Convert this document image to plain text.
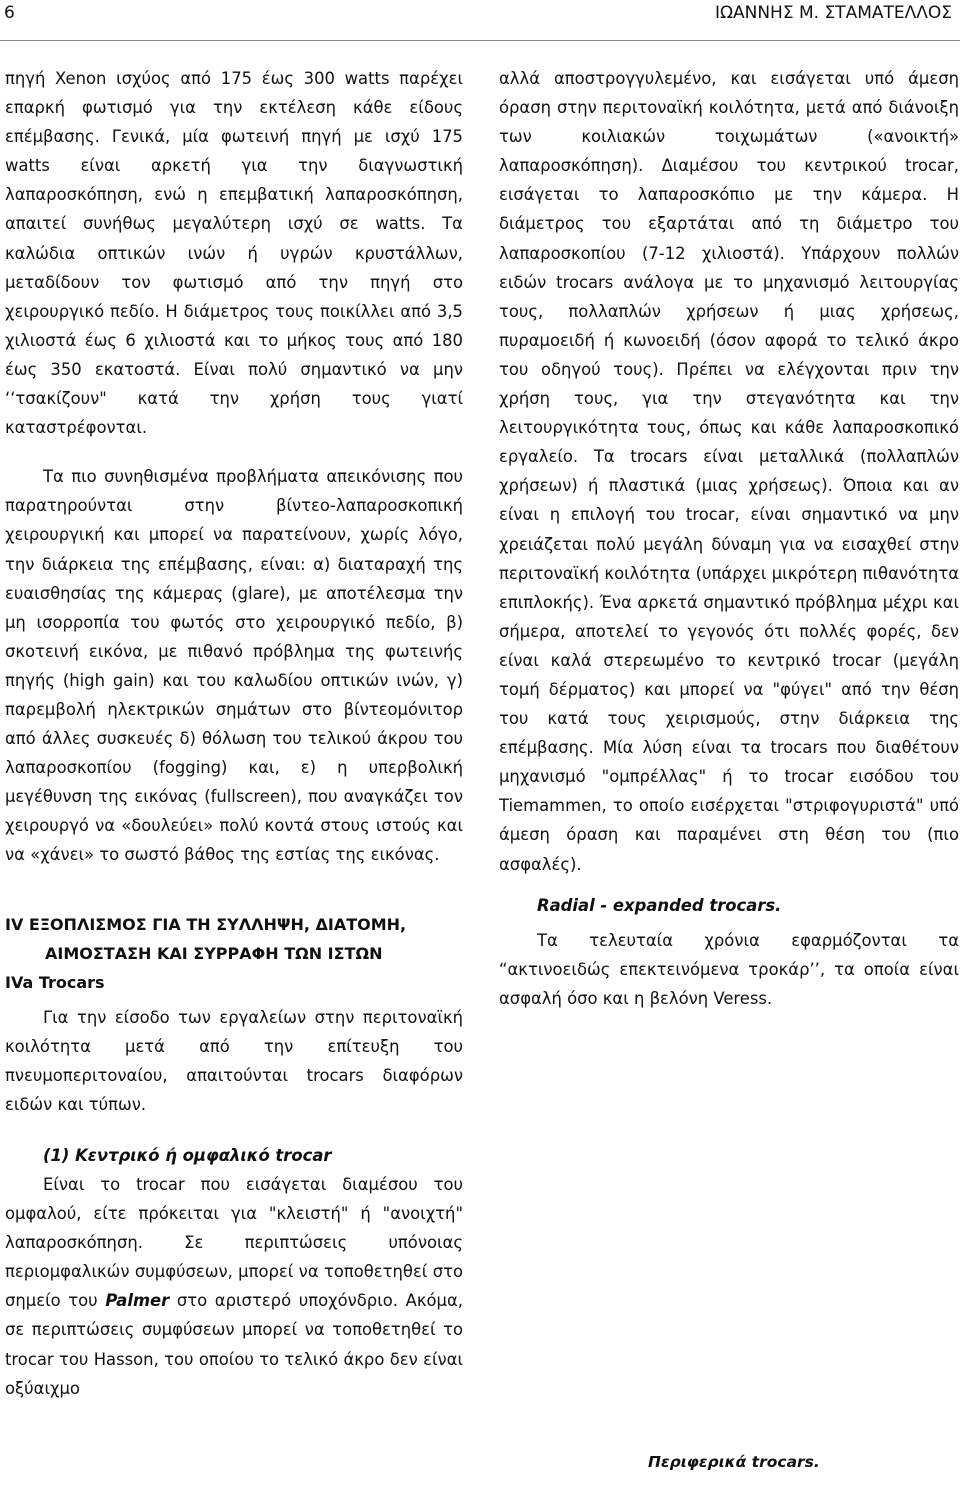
6	ΙΩΑΝΝΗΣ Μ. ΣΤΑΜΑΤΕΛΛΟΣ

πηγή Xenon ισχύος από 175 έως 300 watts παρέχει επαρκή φωτισμό για την εκτέλεση κάθε είδους επέμβασης. Γενικά, μία φωτεινή πηγή με ισχύ 175 watts είναι αρκετή για την διαγνωστική λαπαροσκόπηση, ενώ η επεμβατική λαπαροσκόπηση, απαιτεί συνήθως μεγαλύτερη ισχύ σε watts. Τα καλώδια οπτικών ινών ή υγρών κρυστάλλων, μεταδίδουν τον φωτισμό από την πηγή στο χειρουργικό πεδίο. Η διάμετρος τους ποικίλλει από 3,5 χιλιοστά έως 6 χιλιοστά και το μήκος τους από 180 έως 350 εκατοστά. Είναι πολύ σημαντικό να μην ‘‘τσακίζουν" κατά την χρήση τους γιατί καταστρέφονται.

Τα πιο συνηθισμένα προβλήματα απεικόνισης που παρατηρούνται στην βίντεο-λαπαροσκοπική χειρουργική και μπορεί να παρατείνουν, χωρίς λόγο, την διάρκεια της επέμβασης, είναι: α) διαταραχή της ευαισθησίας της κάμερας (glare), με αποτέλεσμα την μη ισορροπία του φωτός στο χειρουργικό πεδίο, β) σκοτεινή εικόνα, με πιθανό πρόβλημα της φωτεινής πηγής (high gain) και του καλωδίου οπτικών ινών, γ) παρεμβολή ηλεκτρικών σημάτων στο βίντεομόνιτορ από άλλες συσκευές δ) θόλωση του τελικού άκρου του λαπαροσκοπίου (fogging) και, ε) η υπερβολική μεγέθυνση της εικόνας (fullscreen), που αναγκάζει τον χειρουργό να «δουλεύει» πολύ κοντά στους ιστούς και να «χάνει» το σωστό βάθος της εστίας της εικόνας.

IV ΕΞΟΠΛΙΣΜΟΣ ΓΙΑ ΤΗ ΣΥΛΛΗΨΗ, ΔΙΑΤΟΜΗ,
ΑΙΜΟΣΤΑΣΗ ΚΑΙ ΣΥΡΡΑΦΗ ΤΩΝ ΙΣΤΩΝ
IVa Trocars

Για την είσοδο των εργαλείων στην περιτοναϊκή κοιλότητα μετά από την επίτευξη του πνευμοπεριτοναίου, απαιτούνται trocars διαφόρων ειδών και τύπων.

(1) Κεντρικό ή ομφαλικό trocar

Είναι το trocar που εισάγεται διαμέσου του ομφαλού, είτε πρόκειται για "κλειστή" ή "ανοιχτή" λαπαροσκόπηση. Σε περιπτώσεις υπόνοιας περιομφαλικών συμφύσεων, μπορεί να τοποθετηθεί στο σημείο του Palmer στο αριστερό υποχόνδριο. Ακόμα, σε περιπτώσεις συμφύσεων μπορεί να τοποθετηθεί το trocar του Hasson, του οποίου το τελικό άκρο δεν είναι οξύαιχμο

αλλά αποστρογγυλεμένο, και εισάγεται υπό άμεση όραση στην περιτοναϊκή κοιλότητα, μετά από διάνοιξη των κοιλιακών τοιχωμάτων («ανοικτή» λαπαροσκόπηση). Διαμέσου του κεντρικού trocar, εισάγεται το λαπαροσκόπιο με την κάμερα. Η διάμετρος του εξαρτάται από τη διάμετρο του λαπαροσκοπίου (7-12 χιλιοστά). Υπάρχουν πολλών ειδών trocars ανάλογα με το μηχανισμό λειτουργίας τους, πολλαπλών χρήσεων ή μιας χρήσεως, πυραμοειδή ή κωνοειδή (όσον αφορά το τελικό άκρο του οδηγού τους). Πρέπει να ελέγχονται πριν την χρήση τους, για την στεγανότητα και την λειτουργικότητα τους, όπως και κάθε λαπαροσκοπικό εργαλείο. Τα trocars είναι μεταλλικά (πολλαπλών χρήσεων) ή πλαστικά (μιας χρήσεως). Όποια και αν είναι η επιλογή του trocar, είναι σημαντικό να μην χρειάζεται πολύ μεγάλη δύναμη για να εισαχθεί στην περιτοναϊκή κοιλότητα (υπάρχει μικρότερη πιθανότητα επιπλοκής). Ένα αρκετά σημαντικό πρόβλημα μέχρι και σήμερα, αποτελεί το γεγονός ότι πολλές φορές, δεν είναι καλά στερεωμένο το κεντρικό trocar (μεγάλη τομή δέρματος) και μπορεί να "φύγει" από την θέση του κατά τους χειρισμούς, στην διάρκεια της επέμβασης. Μία λύση είναι τα trocars που διαθέτουν μηχανισμό "ομπρέλλας" ή το trocar εισόδου του Tiemammen, το οποίο εισέρχεται "στριφογυριστά" υπό άμεση όραση και παραμένει στη θέση του (πιο ασφαλές).

Radial - expanded trocars.

Τα τελευταία χρόνια εφαρμόζονται τα “ακτινοειδώς επεκτεινόμενα τροκάρ’’, τα οποία είναι ασφαλή όσο και η βελόνη Veress.

Περιφερικά trocars.
